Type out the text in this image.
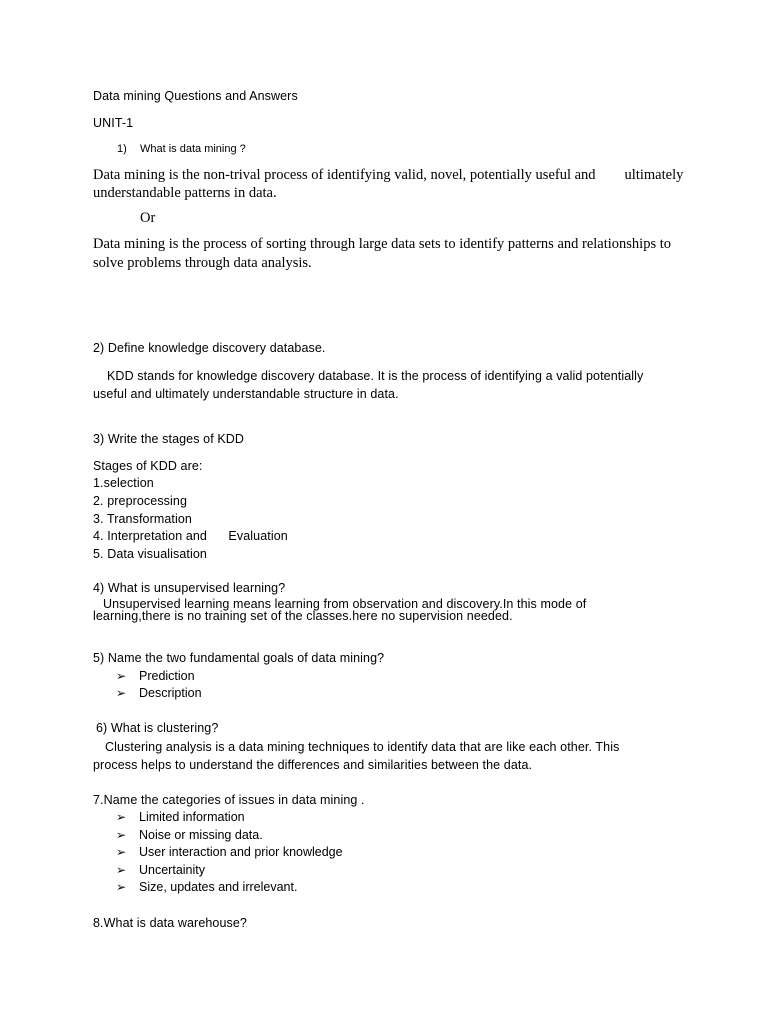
Data mining Questions and Answers

UNIT-1

1) What is data mining ?

Data mining is the non-trival process of identifying valid, novel, potentially useful and        ultimately

understandable patterns in data.

Or

Data mining is the process of sorting through large data sets to identify patterns and relationships to

solve problems through data analysis.

2) Define knowledge discovery database.

KDD stands for knowledge discovery database. It is the process of identifying a valid potentially

useful and ultimately understandable structure in data.

3) Write the stages of KDD

Stages of KDD are:

1.selection

2. preprocessing

3. Transformation

4. Interpretation and      Evaluation

5. Data visualisation

4) What is unsupervised learning?

Unsupervised learning means learning from observation and discovery.In this mode of

learning,there is no training set of the classes.here no supervision needed.

5) Name the two fundamental goals of data mining?

➢ Prediction
➢ Description

6) What is clustering?

Clustering analysis is a data mining techniques to identify data that are like each other. This

process helps to understand the differences and similarities between the data.

7.Name the categories of issues in data mining .

➢ Limited information
➢ Noise or missing data.
➢ User interaction and prior knowledge
➢ Uncertainity
➢ Size, updates and irrelevant.

8.What is data warehouse?
